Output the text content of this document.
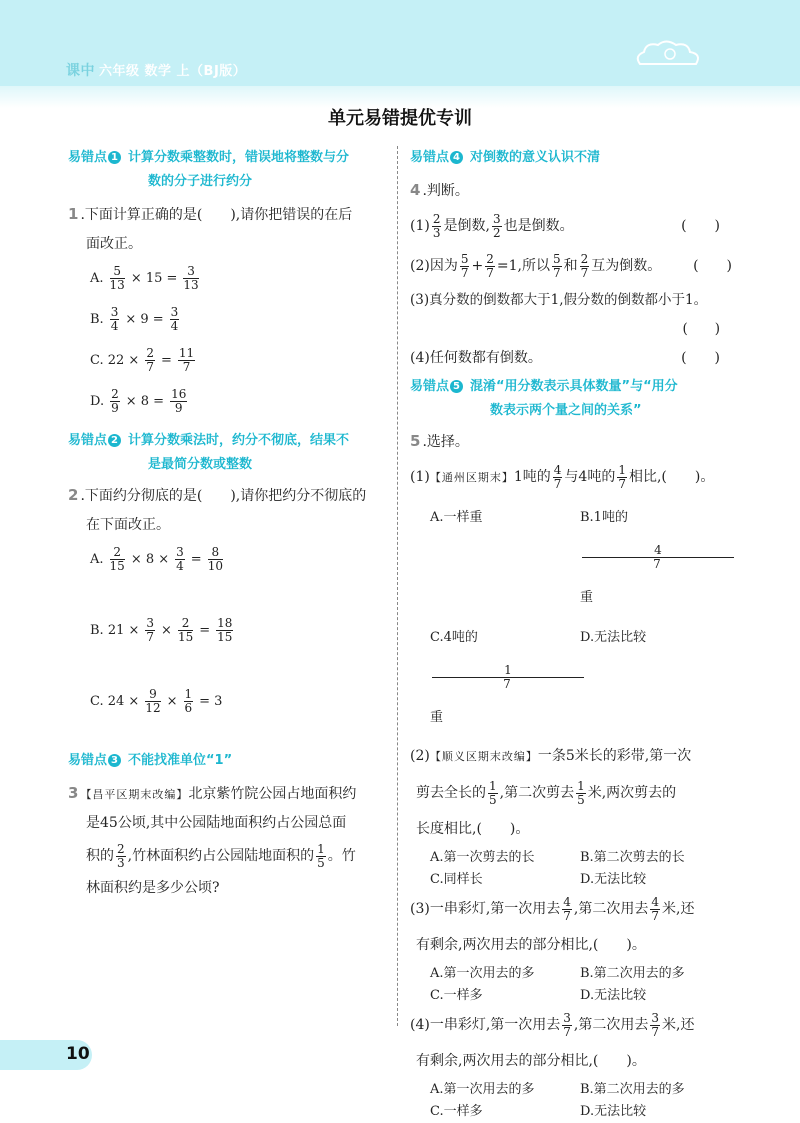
课中 六年级 数学 上（BJ版）
单元易错提优专训
易错点 1 计算分数乘整数时，错误地将整数与分
数的分子进行约分
1 .下面计算正确的是(　　),请你把错误的在后
面改正。
A. $\frac{5}{13} \times 15 = \frac{3}{13}$
B. $\frac{3}{4} \times 9 = \frac{3}{4}$
C. $22 \times \frac{2}{7} = \frac{11}{7}$
D. $\frac{2}{9} \times 8 = \frac{16}{9}$
易错点 2 计算分数乘法时，约分不彻底，结果不
是最简分数或整数
2 .下面约分彻底的是(　　),请你把约分不彻底的
在下面改正。
A. $\frac{2}{15} \times 8 \times \frac{3}{4} = \frac{8}{10}$
B. $21 \times \frac{3}{7} \times \frac{2}{15} = \frac{18}{15}$
C. $24 \times \frac{9}{12} \times \frac{1}{6} = 3$
易错点 3 不能找准单位“1”
3 【昌平区期末改编】北京紫竹院公园占地面积约
是45公顷,其中公园陆地面积约占公园总面
积的 $\frac{2}{3}$ ,竹林面积约占公园陆地面积的 $\frac{1}{5}$ 。竹
林面积约是多少公顷?
易错点 4 对倒数的意义认识不清
4 .判断。
$(1) \frac{2}{3}$ 是倒数, $\frac{3}{2}$ 也是倒数。	(　　)
(2)因为 $\frac{5}{7} + \frac{2}{7} =1$,所以 $\frac{5}{7}$ 和 $\frac{2}{7}$ 互为倒数。 (　　)
(3)真分数的倒数都大于1,假分数的倒数都小于1。
(　　)
(4)任何数都有倒数。	(　　)
易错点 5 混淆“用分数表示具体数量”与“用分
数表示两个量之间的关系”
5 .选择。
(1)【通州区期末】1吨的 $\frac{4}{7}$ 与4吨的 $\frac{1}{7}$ 相比,(　　)。
A.一样重	B.1吨的
$\frac{4}{7}$
重
C.4吨的
$\frac{1}{7}$
重
D.无法比较
(2)【顺义区期末改编】一条5米长的彩带,第一次
剪去全长的 $\frac{1}{5}$ ,第二次剪去 $\frac{1}{5}$ 米,两次剪去的
长度相比,(　　)。
A.第一次剪去的长	B.第二次剪去的长
C.同样长	D.无法比较
(3)一串彩灯,第一次用去 $\frac{4}{7}$ ,第二次用去 $\frac{4}{7}$ 米,还
有剩余,两次用去的部分相比,(　　)。
A.第一次用去的多	B.第二次用去的多
C.一样多	D.无法比较
(4)一串彩灯,第一次用去 $\frac{3}{7}$ ,第二次用去 $\frac{3}{7}$ 米,还
有剩余,两次用去的部分相比,(　　)。
A.第一次用去的多	B.第二次用去的多
C.一样多	D.无法比较
10
